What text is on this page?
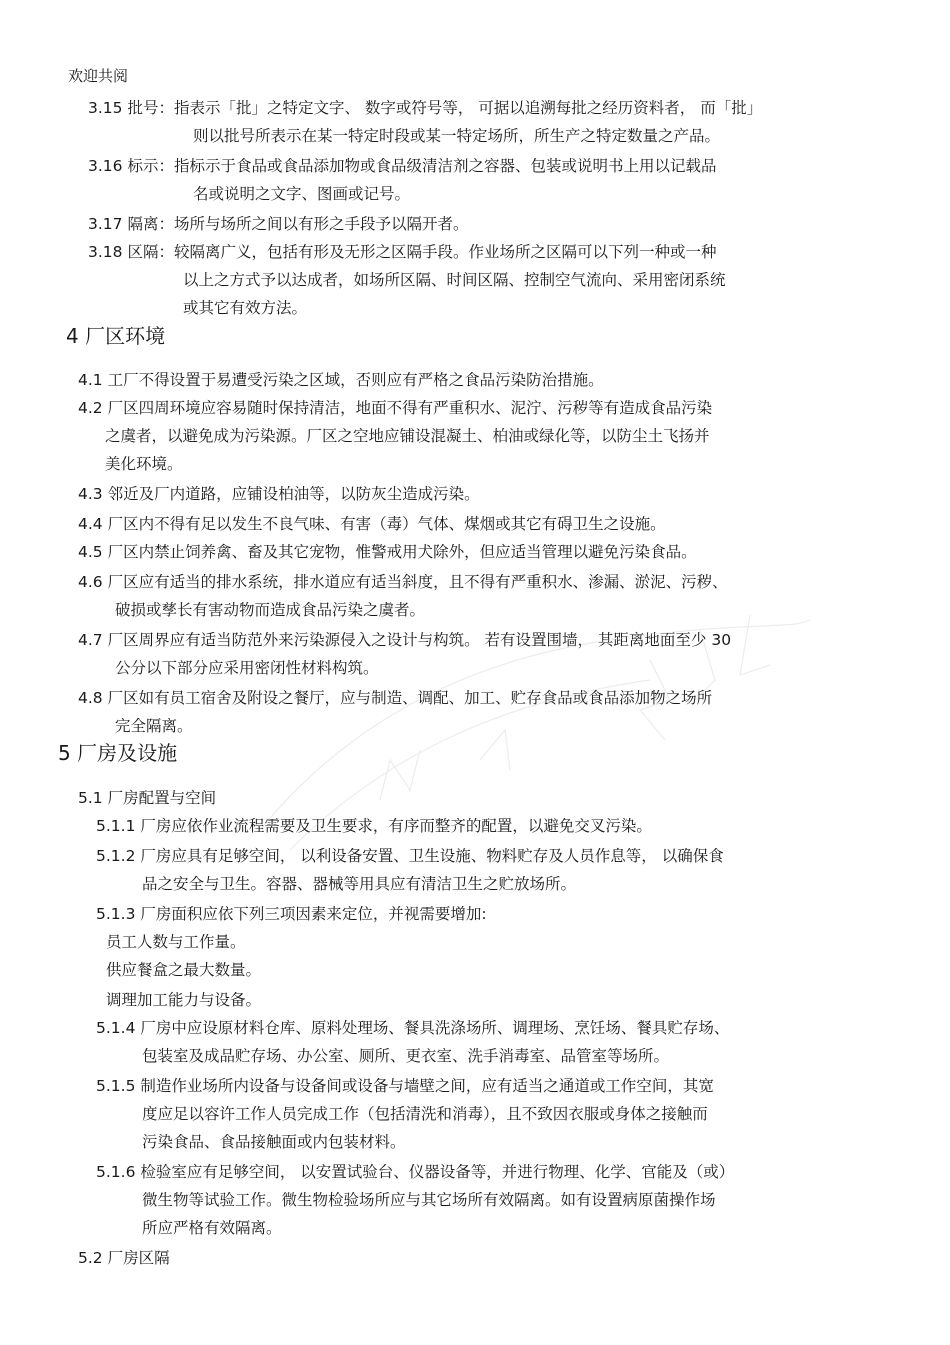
欢迎共阅
3.15 批号：指表示「批」之特定文字、 数字或符号等， 可据以追溯每批之经历资料者， 而「批」
则以批号所表示在某一特定时段或某一特定场所，所生产之特定数量之产品。
3.16 标示：指标示于食品或食品添加物或食品级清洁剂之容器、包装或说明书上用以记载品
名或说明之文字、图画或记号。
3.17 隔离：场所与场所之间以有形之手段予以隔开者。
3.18 区隔：较隔离广义，包括有形及无形之区隔手段。作业场所之区隔可以下列一种或一种
以上之方式予以达成者，如场所区隔、时间区隔、控制空气流向、采用密闭系统
或其它有效方法。
4 厂区环境
4.1 工厂不得设置于易遭受污染之区域，否则应有严格之食品污染防治措施。
4.2 厂区四周环境应容易随时保持清洁，地面不得有严重积水、泥泞、污秽等有造成食品污染
之虞者，以避免成为污染源。厂区之空地应铺设混凝土、柏油或绿化等，以防尘土飞扬并
美化环境。
4.3 邻近及厂内道路，应铺设柏油等，以防灰尘造成污染。
4.4 厂区内不得有足以发生不良气味、有害（毒）气体、煤烟或其它有碍卫生之设施。
4.5 厂区内禁止饲养禽、畜及其它宠物，惟警戒用犬除外，但应适当管理以避免污染食品。
4.6 厂区应有适当的排水系统，排水道应有适当斜度，且不得有严重积水、渗漏、淤泥、污秽、
破损或孳长有害动物而造成食品污染之虞者。
4.7 厂区周界应有适当防范外来污染源侵入之设计与构筑。 若有设置围墙， 其距离地面至少 30
公分以下部分应采用密闭性材料构筑。
4.8 厂区如有员工宿舍及附设之餐厅，应与制造、调配、加工、贮存食品或食品添加物之场所
完全隔离。
5 厂房及设施
5.1 厂房配置与空间
5.1.1 厂房应依作业流程需要及卫生要求，有序而整齐的配置，以避免交叉污染。
5.1.2 厂房应具有足够空间， 以利设备安置、卫生设施、物料贮存及人员作息等， 以确保食
品之安全与卫生。容器、器械等用具应有清洁卫生之贮放场所。
5.1.3 厂房面积应依下列三项因素来定位，并视需要增加:
员工人数与工作量。
供应餐盒之最大数量。
调理加工能力与设备。
5.1.4 厂房中应设原材料仓库、原料处理场、餐具洗涤场所、调理场、烹饪场、餐具贮存场、
包装室及成品贮存场、办公室、厕所、更衣室、洗手消毒室、品管室等场所。
5.1.5 制造作业场所内设备与设备间或设备与墙壁之间，应有适当之通道或工作空间，其宽
度应足以容许工作人员完成工作（包括清洗和消毒），且不致因衣服或身体之接触而
污染食品、食品接触面或内包装材料。
5.1.6 检验室应有足够空间， 以安置试验台、仪器设备等，并进行物理、化学、官能及（或）
微生物等试验工作。微生物检验场所应与其它场所有效隔离。如有设置病原菌操作场
所应严格有效隔离。
5.2 厂房区隔
